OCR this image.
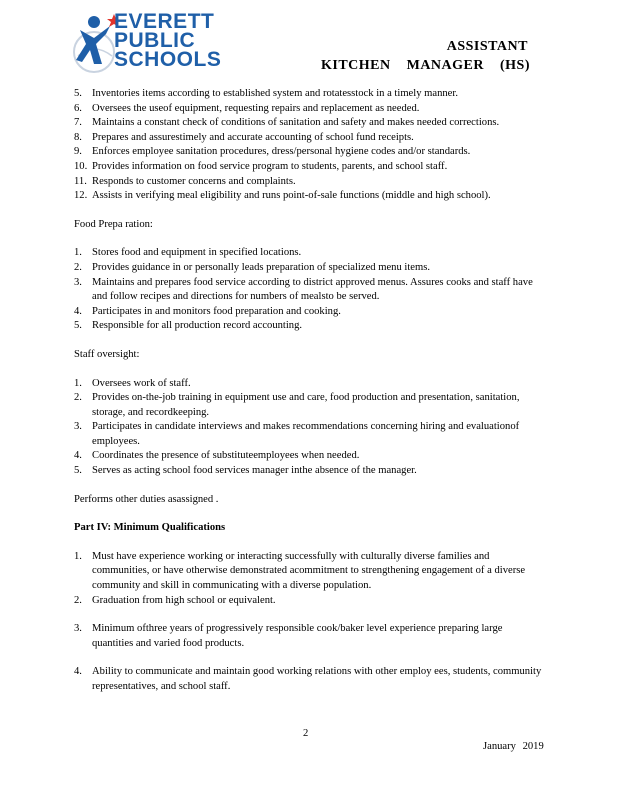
EVERETT
PUBLIC
SCHOOLS
ASSISTANT
KITCHEN MANAGER (HS)
5. Inventories items according to established system and rotatesstock in a timely manner.
6. Oversees the useof equipment, requesting repairs and replacement as needed.
7. Maintains a constant check of conditions of sanitation and safety and makes needed corrections.
8. Prepares and assurestimely and accurate accounting of school fund receipts.
9. Enforces employee sanitation procedures, dress/personal hygiene codes and/or standards.
10. Provides information on food service program to students, parents, and school staff.
11. Responds to customer concerns and complaints.
12. Assists in verifying meal eligibility and runs point-of-sale functions (middle and high school).
Food Prepa ration:
1. Stores food and equipment in specified locations.
2. Provides guidance in or personally leads preparation of specialized menu items.
3. Maintains and prepares food service according to district approved menus. Assures cooks and staff have and follow recipes and directions for numbers of mealsto be served.
4. Participates in and monitors food preparation and cooking.
5. Responsible for all production record accounting.
Staff oversight:
1. Oversees work of staff.
2. Provides on-the-job training in equipment use and care, food production and presentation, sanitation, storage, and recordkeeping.
3. Participates in candidate interviews and makes recommendations concerning hiring and evaluationof employees.
4. Coordinates the presence of substituteemployees when needed.
5. Serves as acting school food services manager inthe absence of the manager.
Performs other duties asassigned .
Part IV: Minimum Qualifications
1. Must have experience working or interacting successfully with culturally diverse families and communities, or have otherwise demonstrated acommitment to strengthening engagement of a diverse community and skill in communicating with a diverse population.
2. Graduation from high school or equivalent.
3. Minimum ofthree years of progressively responsible cook/baker level experience preparing large quantities and varied food products.
4. Ability to communicate and maintain good working relations with other employ ees, students, community representatives, and school staff.
2
January 2019
